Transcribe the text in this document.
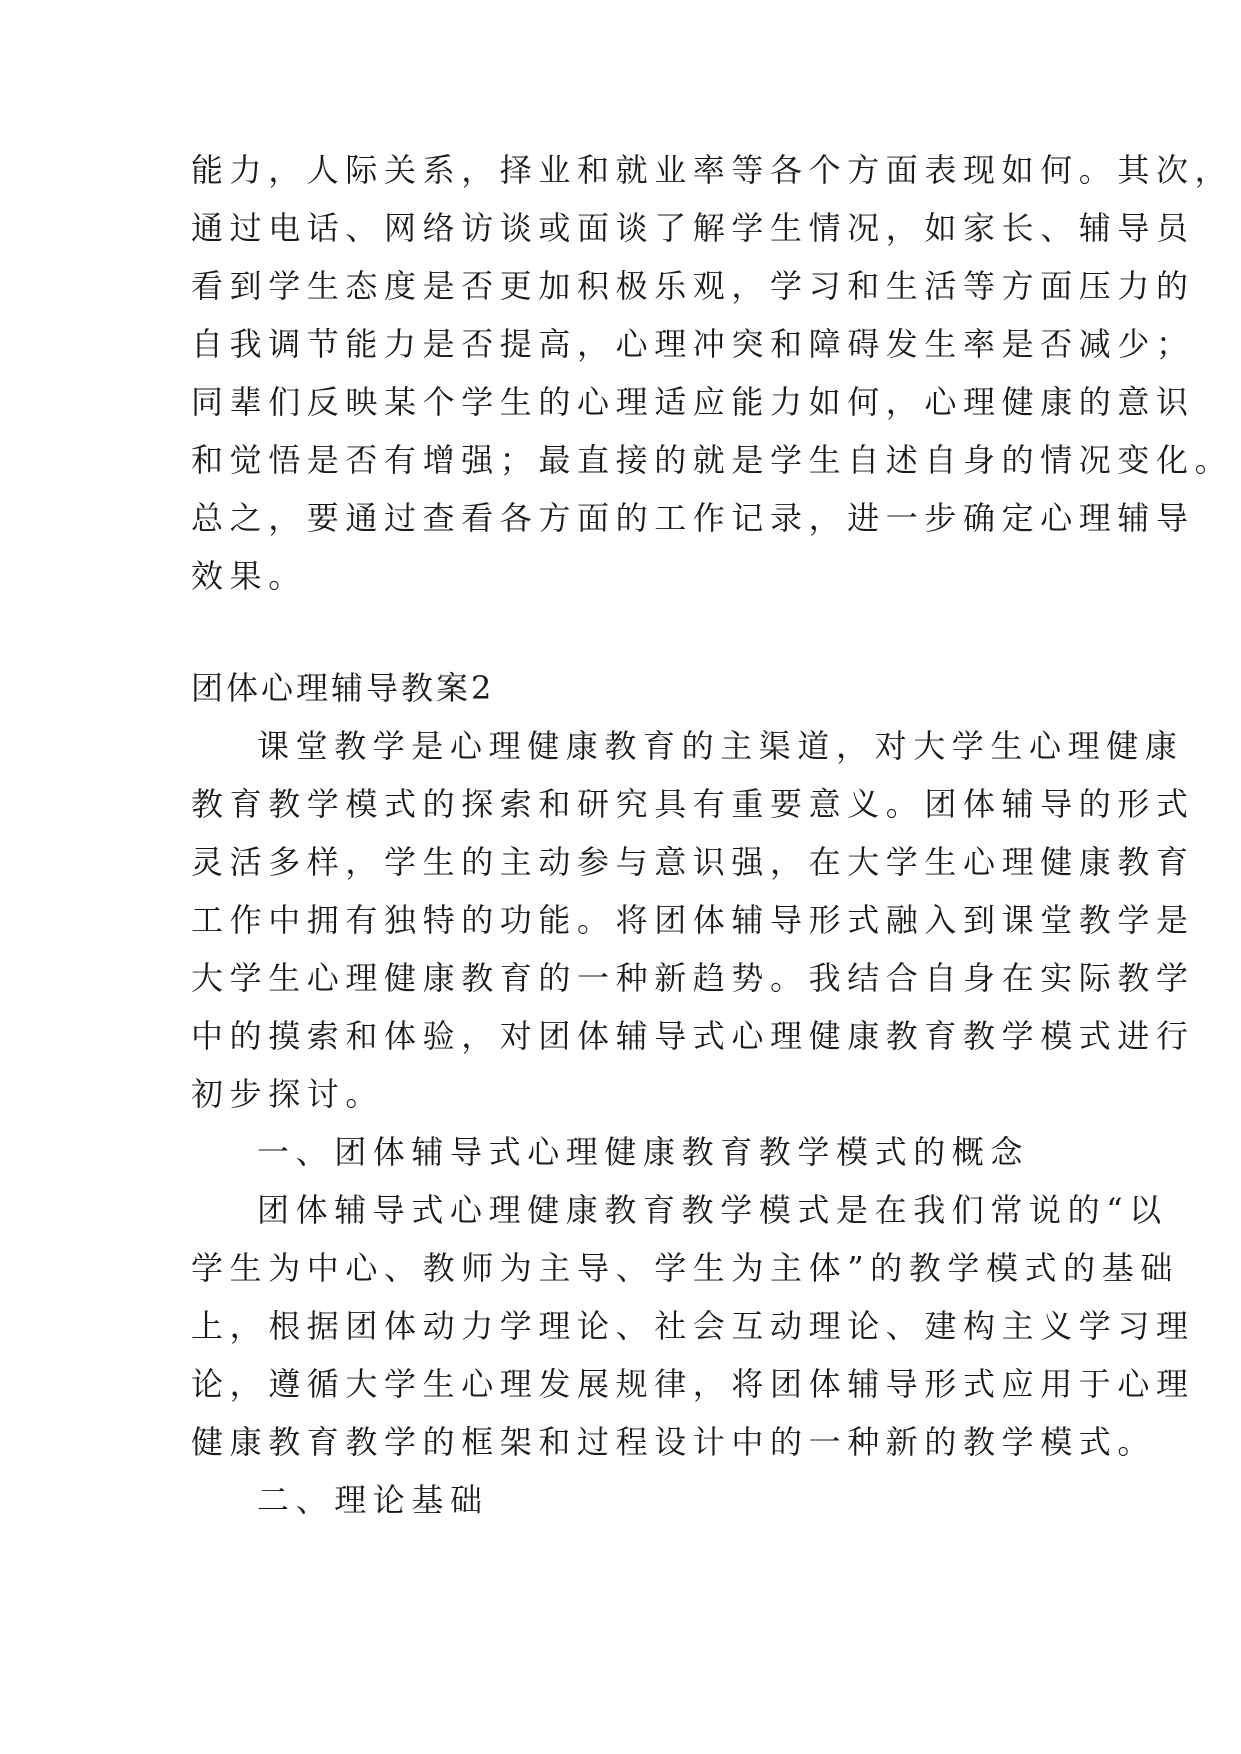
能力，人际关系，择业和就业率等各个方面表现如何。其次，
通过电话、网络访谈或面谈了解学生情况，如家长、辅导员
看到学生态度是否更加积极乐观，学习和生活等方面压力的
自我调节能力是否提高，心理冲突和障碍发生率是否减少；
同辈们反映某个学生的心理适应能力如何，心理健康的意识
和觉悟是否有增强；最直接的就是学生自述自身的情况变化。
总之，要通过查看各方面的工作记录，进一步确定心理辅导
效果。
团体心理辅导教案2
课堂教学是心理健康教育的主渠道，对大学生心理健康
教育教学模式的探索和研究具有重要意义。团体辅导的形式
灵活多样，学生的主动参与意识强，在大学生心理健康教育
工作中拥有独特的功能。将团体辅导形式融入到课堂教学是
大学生心理健康教育的一种新趋势。我结合自身在实际教学
中的摸索和体验，对团体辅导式心理健康教育教学模式进行
初步探讨。
一、团体辅导式心理健康教育教学模式的概念
团体辅导式心理健康教育教学模式是在我们常说的“以
学生为中心、教师为主导、学生为主体”的教学模式的基础
上，根据团体动力学理论、社会互动理论、建构主义学习理
论，遵循大学生心理发展规律，将团体辅导形式应用于心理
健康教育教学的框架和过程设计中的一种新的教学模式。
二、理论基础
